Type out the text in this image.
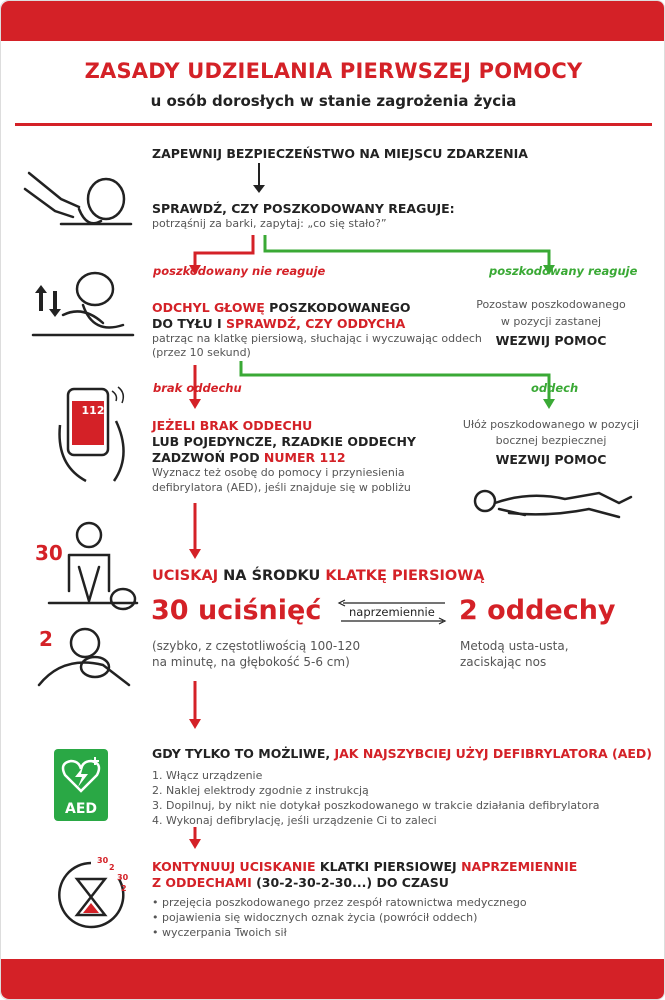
ZASADY UDZIELANIA PIERWSZEJ POMOCY
u osób dorosłych w stanie zagrożenia życia
112
30
2
ZAPEWNIJ BEZPIECZEŃSTWO NA MIEJSCU ZDARZENIA
SPRAWDŹ, CZY POSZKODOWANY REAGUJE:
potrząśnij za barki, zapytaj: „co się stało?”
poszkodowany nie reaguje	poszkodowany reaguje
ODCHYL GŁOWĘ POSZKODOWANEGO
DO TYŁU I SPRAWDŹ, CZY ODDYCHA
patrząc na klatkę piersiową, słuchając i wyczuwając oddech
(przez 10 sekund)
Pozostaw poszkodowanego
w pozycji zastanej
WEZWIJ POMOC
brak oddechu	oddech
JEŻELI BRAK ODDECHU
LUB POJEDYNCZE, RZADKIE ODDECHY
ZADZWOŃ POD NUMER 112
Wyznacz też osobę do pomocy i przyniesienia
defibrylatora (AED), jeśli znajduje się w pobliżu
Ułóż poszkodowanego w pozycji
bocznej bezpiecznej
WEZWIJ POMOC
UCISKAJ NA ŚRODKU KLATKĘ PIERSIOWĄ
30 uciśnięć naprzemiennie 2 oddechy
(szybko, z częstotliwością 100-120
na minutę, na głębokość 5-6 cm)
Metodą usta-usta,
zaciskając nos
AED
GDY TYLKO TO MOŻLIWE, JAK NAJSZYBCIEJ UŻYJ DEFIBRYLATORA (AED)
1. Włącz urządzenie
2. Naklej elektrody zgodnie z instrukcją
3. Dopilnuj, by nikt nie dotykał poszkodowanego w trakcie działania defibrylatora
4. Wykonaj defibrylację, jeśli urządzenie Ci to zaleci
30
2
30
2
KONTYNUUJ UCISKANIE KLATKI PIERSIOWEJ NAPRZEMIENNIE
Z ODDECHAMI (30-2-30-2-30...) DO CZASU
• przejęcia poszkodowanego przez zespół ratownictwa medycznego
• pojawienia się widocznych oznak życia (powrócił oddech)
• wyczerpania Twoich sił
